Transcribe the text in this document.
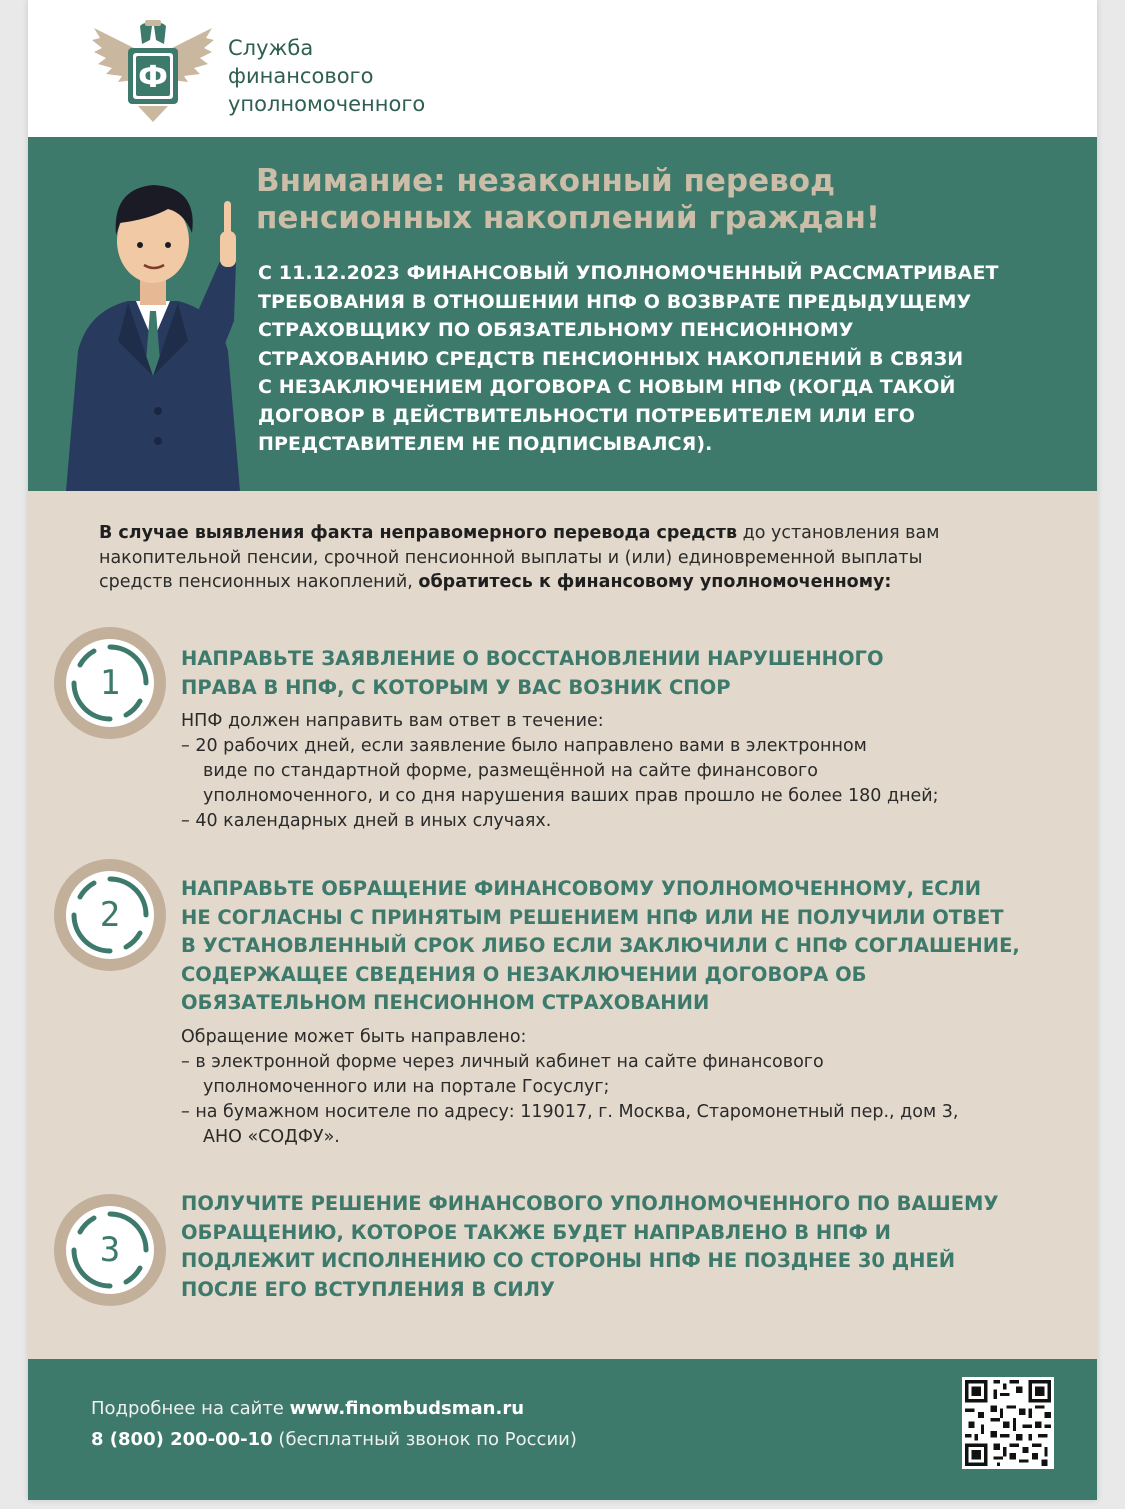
Ф
Служба
финансового
уполномоченного
Внимание: незаконный перевод
пенсионных накоплений граждан!
С 11.12.2023 ФИНАНСОВЫЙ УПОЛНОМОЧЕННЫЙ РАССМАТРИВАЕТ
ТРЕБОВАНИЯ В ОТНОШЕНИИ НПФ О ВОЗВРАТЕ ПРЕДЫДУЩЕМУ
СТРАХОВЩИКУ ПО ОБЯЗАТЕЛЬНОМУ ПЕНСИОННОМУ
СТРАХОВАНИЮ СРЕДСТВ ПЕНСИОННЫХ НАКОПЛЕНИЙ В СВЯЗИ
С НЕЗАКЛЮЧЕНИЕМ ДОГОВОРА С НОВЫМ НПФ (КОГДА ТАКОЙ
ДОГОВОР В ДЕЙСТВИТЕЛЬНОСТИ ПОТРЕБИТЕЛЕМ ИЛИ ЕГО
ПРЕДСТАВИТЕЛЕМ НЕ ПОДПИСЫВАЛСЯ).
В случае выявления факта неправомерного перевода средств до установления вам
накопительной пенсии, срочной пенсионной выплаты и (или) единовременной выплаты
средств пенсионных накоплений, обратитесь к финансовому уполномоченному:
1
НАПРАВЬТЕ ЗАЯВЛЕНИЕ О ВОССТАНОВЛЕНИИ НАРУШЕННОГО
ПРАВА В НПФ, С КОТОРЫМ У ВАС ВОЗНИК СПОР
НПФ должен направить вам ответ в течение:
– 20 рабочих дней, если заявление было направлено вами в электронном
виде по стандартной форме, размещённой на сайте финансового
уполномоченного, и со дня нарушения ваших прав прошло не более 180 дней;
– 40 календарных дней в иных случаях.
2
НАПРАВЬТЕ ОБРАЩЕНИЕ ФИНАНСОВОМУ УПОЛНОМОЧЕННОМУ, ЕСЛИ
НЕ СОГЛАСНЫ С ПРИНЯТЫМ РЕШЕНИЕМ НПФ ИЛИ НЕ ПОЛУЧИЛИ ОТВЕТ
В УСТАНОВЛЕННЫЙ СРОК ЛИБО ЕСЛИ ЗАКЛЮЧИЛИ С НПФ СОГЛАШЕНИЕ,
СОДЕРЖАЩЕЕ СВЕДЕНИЯ О НЕЗАКЛЮЧЕНИИ ДОГОВОРА ОБ
ОБЯЗАТЕЛЬНОМ ПЕНСИОННОМ СТРАХОВАНИИ
Обращение может быть направлено:
– в электронной форме через личный кабинет на сайте финансового
уполномоченного или на портале Госуслуг;
– на бумажном носителе по адресу: 119017, г. Москва, Старомонетный пер., дом 3,
АНО «СОДФУ».
3
ПОЛУЧИТЕ РЕШЕНИЕ ФИНАНСОВОГО УПОЛНОМОЧЕННОГО ПО ВАШЕМУ
ОБРАЩЕНИЮ, КОТОРОЕ ТАКЖЕ БУДЕТ НАПРАВЛЕНО В НПФ И
ПОДЛЕЖИТ ИСПОЛНЕНИЮ СО СТОРОНЫ НПФ НЕ ПОЗДНЕЕ 30 ДНЕЙ
ПОСЛЕ ЕГО ВСТУПЛЕНИЯ В СИЛУ
Подробнее на сайте www.finombudsman.ru
8 (800) 200-00-10 (бесплатный звонок по России)
